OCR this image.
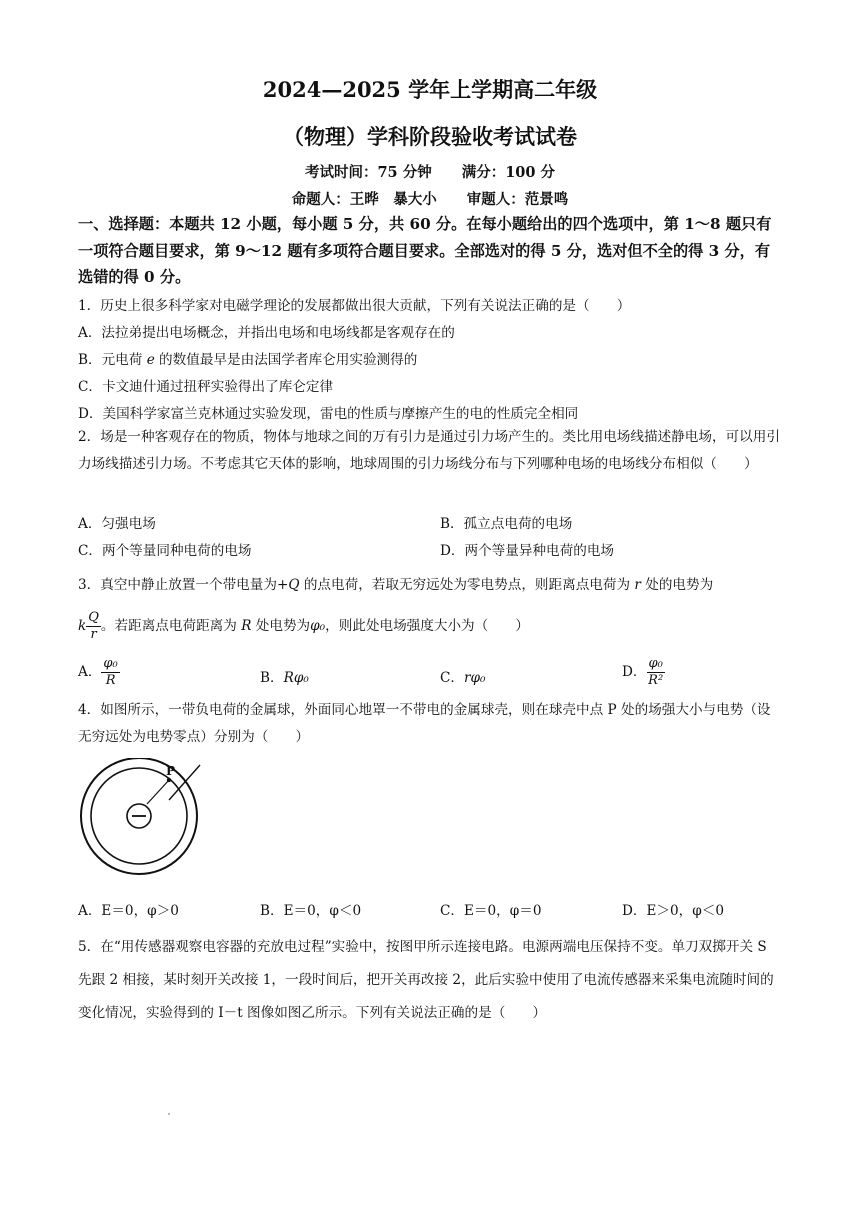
2024—2025 学年上学期高二年级
（物理）学科阶段验收考试试卷
考试时间：75 分钟 满分：100 分
命题人：王晔　暴大小 审题人：范景鸣
一、选择题：本题共 12 小题，每小题 5 分，共 60 分。在每小题给出的四个选项中，第 1～8 题只有一项符合题目要求，第 9～12 题有多项符合题目要求。全部选对的得 5 分，选对但不全的得 3 分，有选错的得 0 分。
1．历史上很多科学家对电磁学理论的发展都做出很大贡献，下列有关说法正确的是（　　）
A．法拉弟提出电场概念，并指出电场和电场线都是客观存在的
B．元电荷 e 的数值最早是由法国学者库仑用实验测得的
C．卡文迪什通过扭秤实验得出了库仑定律
D．美国科学家富兰克林通过实验发现，雷电的性质与摩擦产生的电的性质完全相同
2．场是一种客观存在的物质，物体与地球之间的万有引力是通过引力场产生的。类比用电场线描述静电场，可以用引力场线描述引力场。不考虑其它天体的影响，地球周围的引力场线分布与下列哪种电场的电场线分布相似（　　）
A．匀强电场	B．孤立点电荷的电场
C．两个等量同种电荷的电场	D．两个等量异种电荷的电场
3．真空中静止放置一个带电量为+Q 的点电荷，若取无穷远处为零电势点，则距离点电荷为 r 处的电势为
k $\frac{Q}{r}$ 。若距离点电荷距离为 R 处电势为φ₀，则此处电场强度大小为（　　）
A． $\frac{\text{φ₀}}{R}$	B．Rφ₀	C．rφ₀	D． $\frac{\text{φ₀}}{\text{R²}}$
4．如图所示，一带负电荷的金属球，外面同心地罩一不带电的金属球壳，则在球壳中点 P 处的场强大小与电势（设无穷远处为电势零点）分别为（　　）
P
A．E＝0，φ＞0	B．E＝0，φ＜0	C．E＝0，φ＝0	D．E＞0，φ＜0
5．在“用传感器观察电容器的充放电过程”实验中，按图甲所示连接电路。电源两端电压保持不变。单刀双掷开关 S 先跟 2 相接，某时刻开关改接 1，一段时间后，把开关再改接 2，此后实验中使用了电流传感器来采集电流随时间的变化情况，实验得到的 I－t 图像如图乙所示。下列有关说法正确的是（　　）
